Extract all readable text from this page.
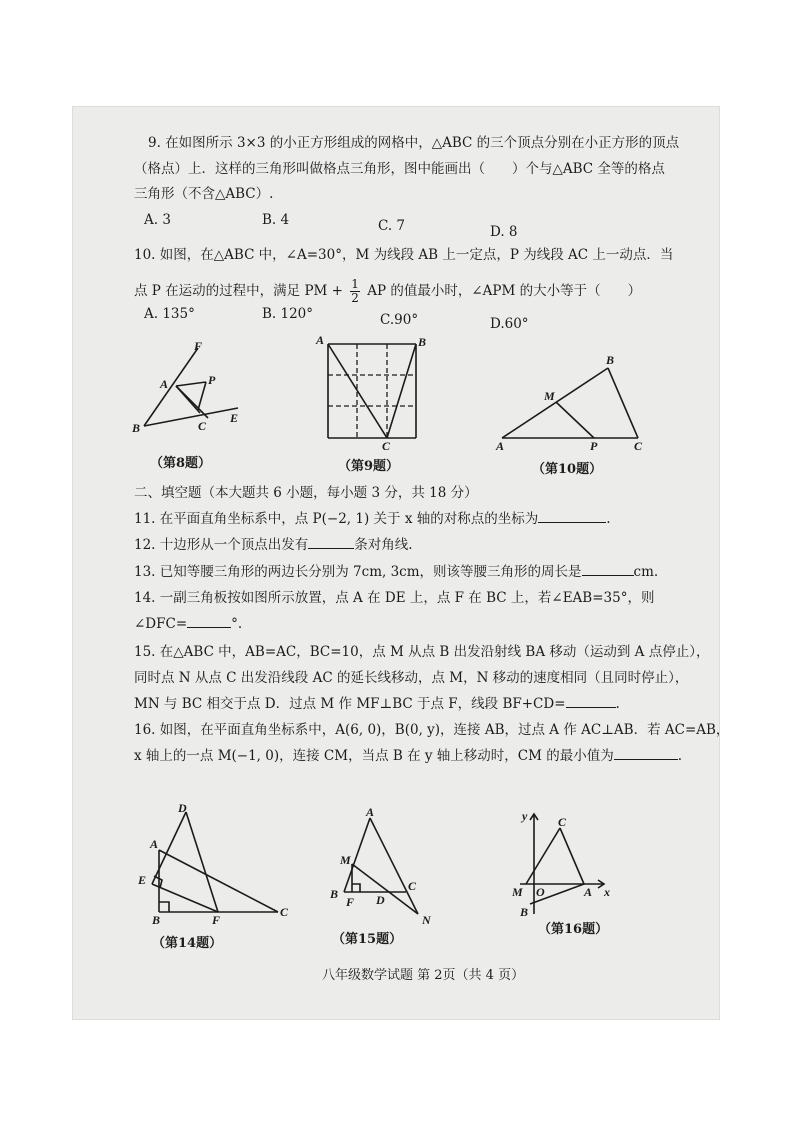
9. 在如图所示 3×3 的小正方形组成的网格中，△ABC 的三个顶点分别在小正方形的顶点
（格点）上．这样的三角形叫做格点三角形，图中能画出（　　）个与△ABC 全等的格点
三角形（不含△ABC）.
A. 3	B. 4	C. 7	D. 8
10. 如图，在△ABC 中，∠A=30°，M 为线段 AB 上一定点，P 为线段 AC 上一动点．当
点 P 在运动的过程中，满足 PM + $\frac{1}{2}$ AP 的值最小时，∠APM 的大小等于（　　）
A. 135°	B. 120°	C.90°	D.60°
F
A	P
B	C
E
（第8题）
A	B
C
（第9题）
B
M
A	P	C
（第10题）
二、填空题（本大题共 6 小题，每小题 3 分，共 18 分）
11. 在平面直角坐标系中，点 P(−2, 1) 关于 x 轴的对称点的坐标为	.
12. 十边形从一个顶点出发有	条对角线.
13. 已知等腰三角形的两边长分别为 7cm, 3cm，则该等腰三角形的周长是	cm.
14. 一副三角板按如图所示放置，点 A 在 DE 上，点 F 在 BC 上，若∠EAB=35°，则
∠DFC=	°.
15. 在△ABC 中，AB=AC，BC=10，点 M 从点 B 出发沿射线 BA 移动（运动到 A 点停止），
同时点 N 从点 C 出发沿线段 AC 的延长线移动，点 M，N 移动的速度相同（且同时停止），
MN 与 BC 相交于点 D．过点 M 作 MF⊥BC 于点 F，线段 BF+CD=	.
16. 如图，在平面直角坐标系中，A(6, 0)，B(0, y)，连接 AB，过点 A 作 AC⊥AB．若 AC=AB，
x 轴上的一点 M(−1, 0)，连接 CM，当点 B 在 y 轴上移动时，CM 的最小值为	.
D
A
E
B	F
C
（第14题）
A
M
B
F D
C
N
（第15题）
y	C
M O	A x
B
（第16题）
八年级数学试题 第 2页（共 4 页）
